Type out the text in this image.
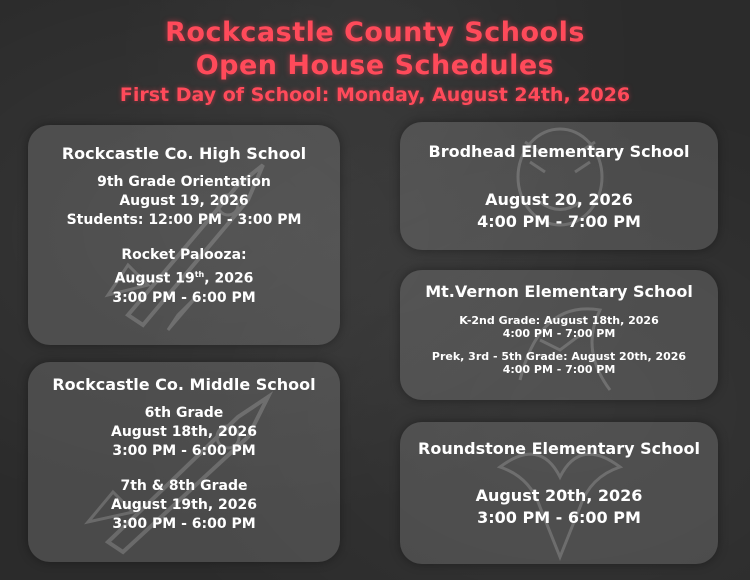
Rockcastle County Schools
Open House Schedules
First Day of School: Monday, August 24th, 2026
Rockcastle Co. High School
9th Grade Orientation
August 19, 2026
Students: 12:00 PM - 3:00 PM
Rocket Palooza:
August 19th, 2026
3:00 PM - 6:00 PM
Rockcastle Co. Middle School
6th Grade
August 18th, 2026
3:00 PM - 6:00 PM
7th & 8th Grade
August 19th, 2026
3:00 PM - 6:00 PM
Brodhead Elementary School
August 20, 2026
4:00 PM - 7:00 PM
Mt.Vernon Elementary School
K-2nd Grade: August 18th, 2026
4:00 PM - 7:00 PM
Prek, 3rd - 5th Grade: August 20th, 2026
4:00 PM - 7:00 PM
Roundstone Elementary School
August 20th, 2026
3:00 PM - 6:00 PM
